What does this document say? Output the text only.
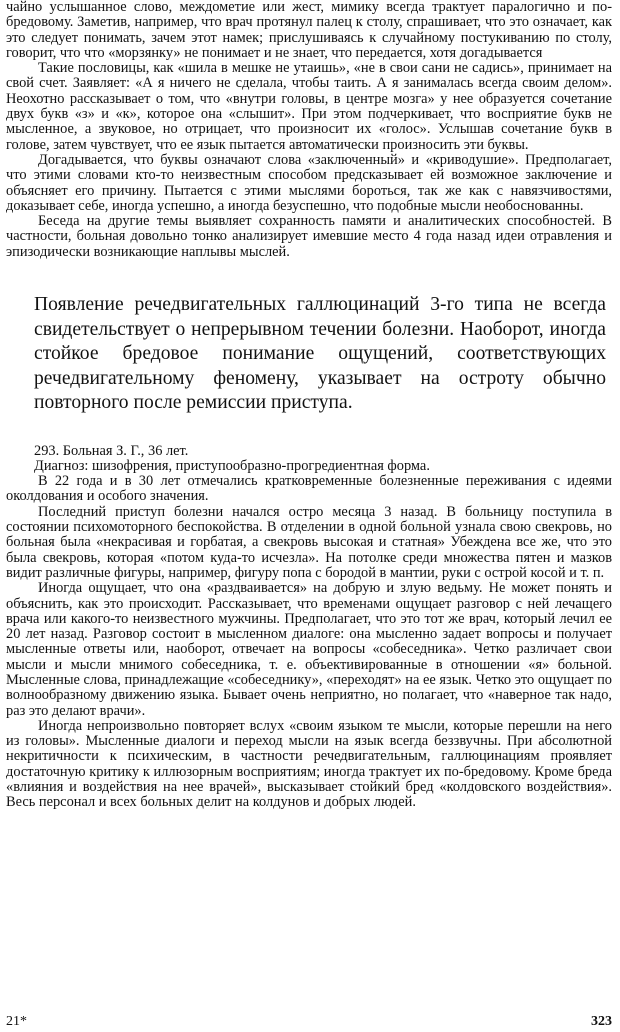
чайно услышанное слово, междометие или жест, мимику всегда трактует паралогично и по-бредовому. Заметив, например, что врач протянул палец к столу, спрашивает, что это означает, как это следует понимать, зачем этот намек; прислушиваясь к случайному постукиванию по столу, говорит, что что «морзянку» не понимает и не знает, что передается, хотя догадывается

Такие пословицы, как «шила в мешке не утаишь», «не в свои сани не садись», принимает на свой счет. Заявляет: «А я ничего не сделала, чтобы таить. А я занималась всегда своим делом». Неохотно рассказывает о том, что «внутри головы, в центре мозга» у нее образуется сочетание двух букв «з» и «к», которое она «слышит». При этом подчеркивает, что восприятие букв не мысленное, а звуковое, но отрицает, что произносит их «голос». Услышав сочетание букв в голове, затем чувствует, что ее язык пытается автоматически произносить эти буквы.

Догадывается, что буквы означают слова «заключенный» и «криводушие». Предполагает, что этими словами кто-то неизвестным способом предсказывает ей возможное заключение и объясняет его причину. Пытается с этими мыслями бороться, так же как с навязчивостями, доказывает себе, иногда успешно, а иногда безуспешно, что подобные мысли необоснованны.

Беседа на другие темы выявляет сохранность памяти и аналитических способностей. В частности, больная довольно тонко анализирует имевшие место 4 года назад идеи отравления и эпизодически возникающие наплывы мыслей.

Появление речедвигательных галлюцинаций 3-го типа не всегда свидетельствует о непрерывном течении болезни. Наоборот, иногда стойкое бредовое понимание ощущений, соответствующих речедвигательному феномену, указывает на остроту обычно повторного после ремиссии приступа.

293. Больная З. Г., 36 лет.

Диагноз: шизофрения, приступообразно-прогредиентная форма.

В 22 года и в 30 лет отмечались кратковременные болезненные переживания с идеями околдования и особого значения.

Последний приступ болезни начался остро месяца 3 назад. В больницу поступила в состоянии психомоторного беспокойства. В отделении в одной больной узнала свою свекровь, но больная была «некрасивая и горбатая, а свекровь высокая и статная» Убеждена все же, что это была свекровь, которая «потом куда-то исчезла». На потолке среди множества пятен и мазков видит различные фигуры, например, фигуру попа с бородой в мантии, руки с острой косой и т. п.

Иногда ощущает, что она «раздваивается» на добрую и злую ведьму. Не может понять и объяснить, как это происходит. Рассказывает, что временами ощущает разговор с ней лечащего врача или какого-то неизвестного мужчины. Предполагает, что это тот же врач, который лечил ее 20 лет назад. Разговор состоит в мысленном диалоге: она мысленно задает вопросы и получает мысленные ответы или, наоборот, отвечает на вопросы «собеседника». Четко различает свои мысли и мысли мнимого собеседника, т. е. объективированные в отношении «я» больной. Мысленные слова, принадлежащие «собеседнику», «переходят» на ее язык. Четко это ощущает по волнообразному движению языка. Бывает очень неприятно, но полагает, что «наверное так надо, раз это делают врачи».

Иногда непроизвольно повторяет вслух «своим языком те мысли, которые перешли на него из головы». Мысленные диалоги и переход мысли на язык всегда беззвучны. При абсолютной некритичности к психическим, в частности речедвигательным, галлюцинациям проявляет достаточную критику к иллюзорным восприятиям; иногда трактует их по-бредовому. Кроме бреда «влияния и воздействия на нее врачей», высказывает стойкий бред «колдовского воздействия». Весь персонал и всех больных делит на колдунов и добрых людей.

21*	323
